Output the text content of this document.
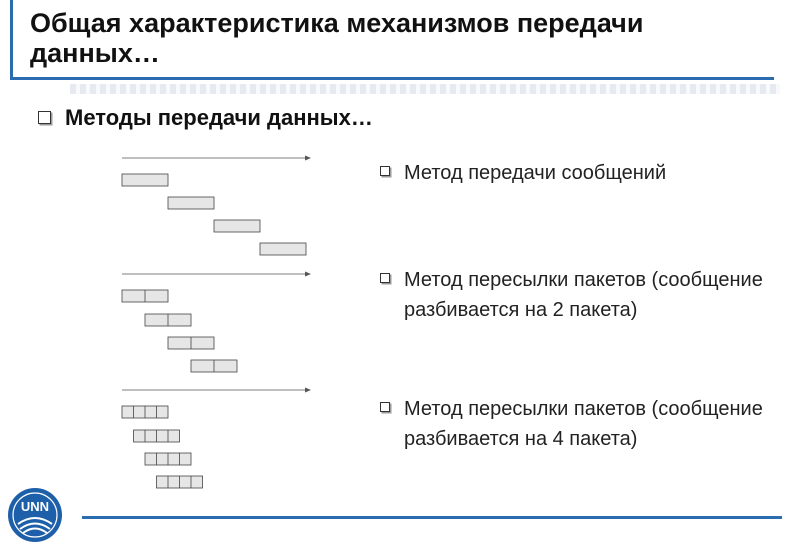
Общая характеристика механизмов передачи данных…
Методы передачи данных…
Метод передачи сообщений
Метод пересылки пакетов (сообщение разбивается на 2 пакета)
Метод пересылки пакетов (сообщение разбивается на 4 пакета)
UNN
